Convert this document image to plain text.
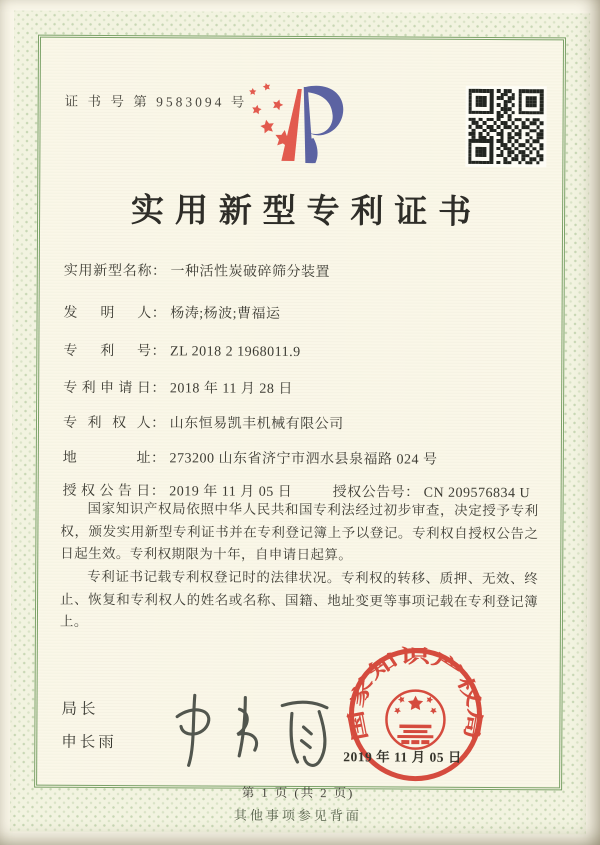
证 书 号 第 9583094 号
实用新型专利证书
实用新型名称： 一种活性炭破碎筛分装置
发明人： 杨涛;杨波;曹福运
专利号： ZL 2018 2 1968011.9
专利申请日： 2018 年 11 月 28 日
专利权人： 山东恒易凯丰机械有限公司
地址： 273200 山东省济宁市泗水县泉福路 024 号
授权公告日： 2019 年 11 月 05 日	授权公告号： CN 209576834 U

国家知识产权局依照中华人民共和国专利法经过初步审查，决定授予专利权，颁发实用新型专利证书并在专利登记簿上予以登记。专利权自授权公告之日起生效。专利权期限为十年，自申请日起算。

专利证书记载专利权登记时的法律状况。专利权的转移、质押、无效、终止、恢复和专利权人的姓名或名称、国籍、地址变更等事项记载在专利登记簿上。

局长
申长雨	国家知识产权局
2019 年 11 月 05 日
第 1 页 (共 2 页)
其他事项参见背面
